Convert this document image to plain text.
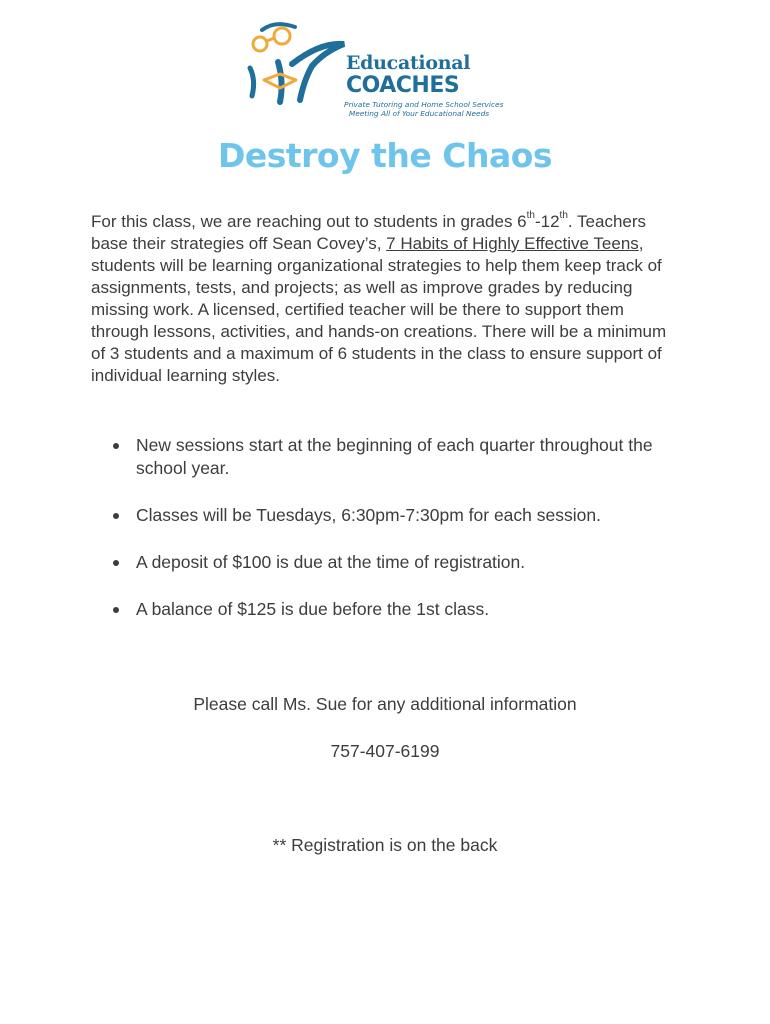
Educational
COACHES
Private Tutoring and Home School Services
Meeting All of Your Educational Needs
Destroy the Chaos

For this class, we are reaching out to students in grades 6th-12th. Teachers base their strategies off Sean Covey’s, 7 Habits of Highly Effective Teens, students will be learning organizational strategies to help them keep track of assignments, tests, and projects; as well as improve grades by reducing missing work. A licensed, certified teacher will be there to support them through lessons, activities, and hands-on creations. There will be a minimum of 3 students and a maximum of 6 students in the class to ensure support of individual learning styles.

New sessions start at the beginning of each quarter throughout the school year.
Classes will be Tuesdays, 6:30pm-7:30pm for each session.
A deposit of $100 is due at the time of registration.
A balance of $125 is due before the 1st class.

Please call Ms. Sue for any additional information

757-407-6199

** Registration is on the back
